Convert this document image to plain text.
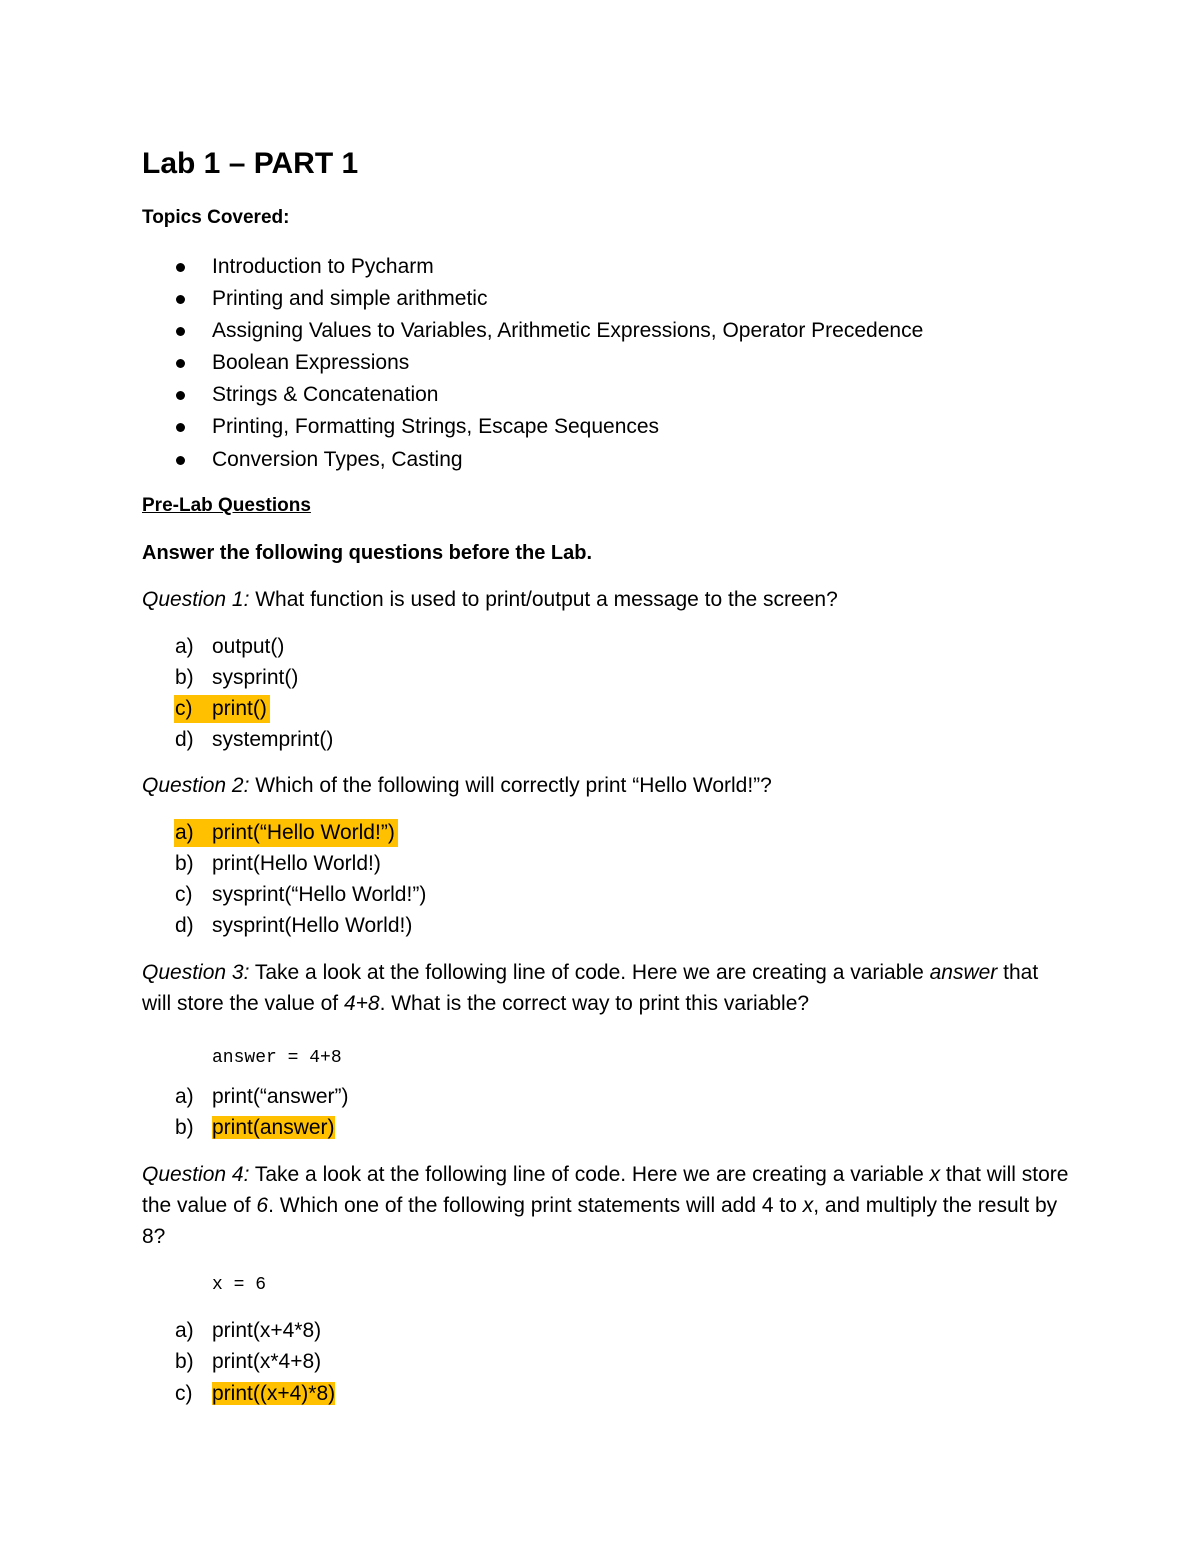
Lab 1 – PART 1
Topics Covered:
Introduction to Pycharm
Printing and simple arithmetic
Assigning Values to Variables, Arithmetic Expressions, Operator Precedence
Boolean Expressions
Strings & Concatenation
Printing, Formatting Strings, Escape Sequences
Conversion Types, Casting
Pre-Lab Questions
Answer the following questions before the Lab.
Question 1: What function is used to print/output a message to the screen?
a) output()
b) sysprint()
c) print()
d) systemprint()
Question 2: Which of the following will correctly print “Hello World!”?
a) print(“Hello World!”)
b) print(Hello World!)
c) sysprint(“Hello World!”)
d) sysprint(Hello World!)
Question 3: Take a look at the following line of code. Here we are creating a variable answer that will store the value of 4+8. What is the correct way to print this variable?
answer = 4+8
a) print(“answer”)
b) print(answer)
Question 4: Take a look at the following line of code. Here we are creating a variable x that will store the value of 6. Which one of the following print statements will add 4 to x, and multiply the result by 8?
x = 6
a) print(x+4*8)
b) print(x*4+8)
c) print((x+4)*8)
